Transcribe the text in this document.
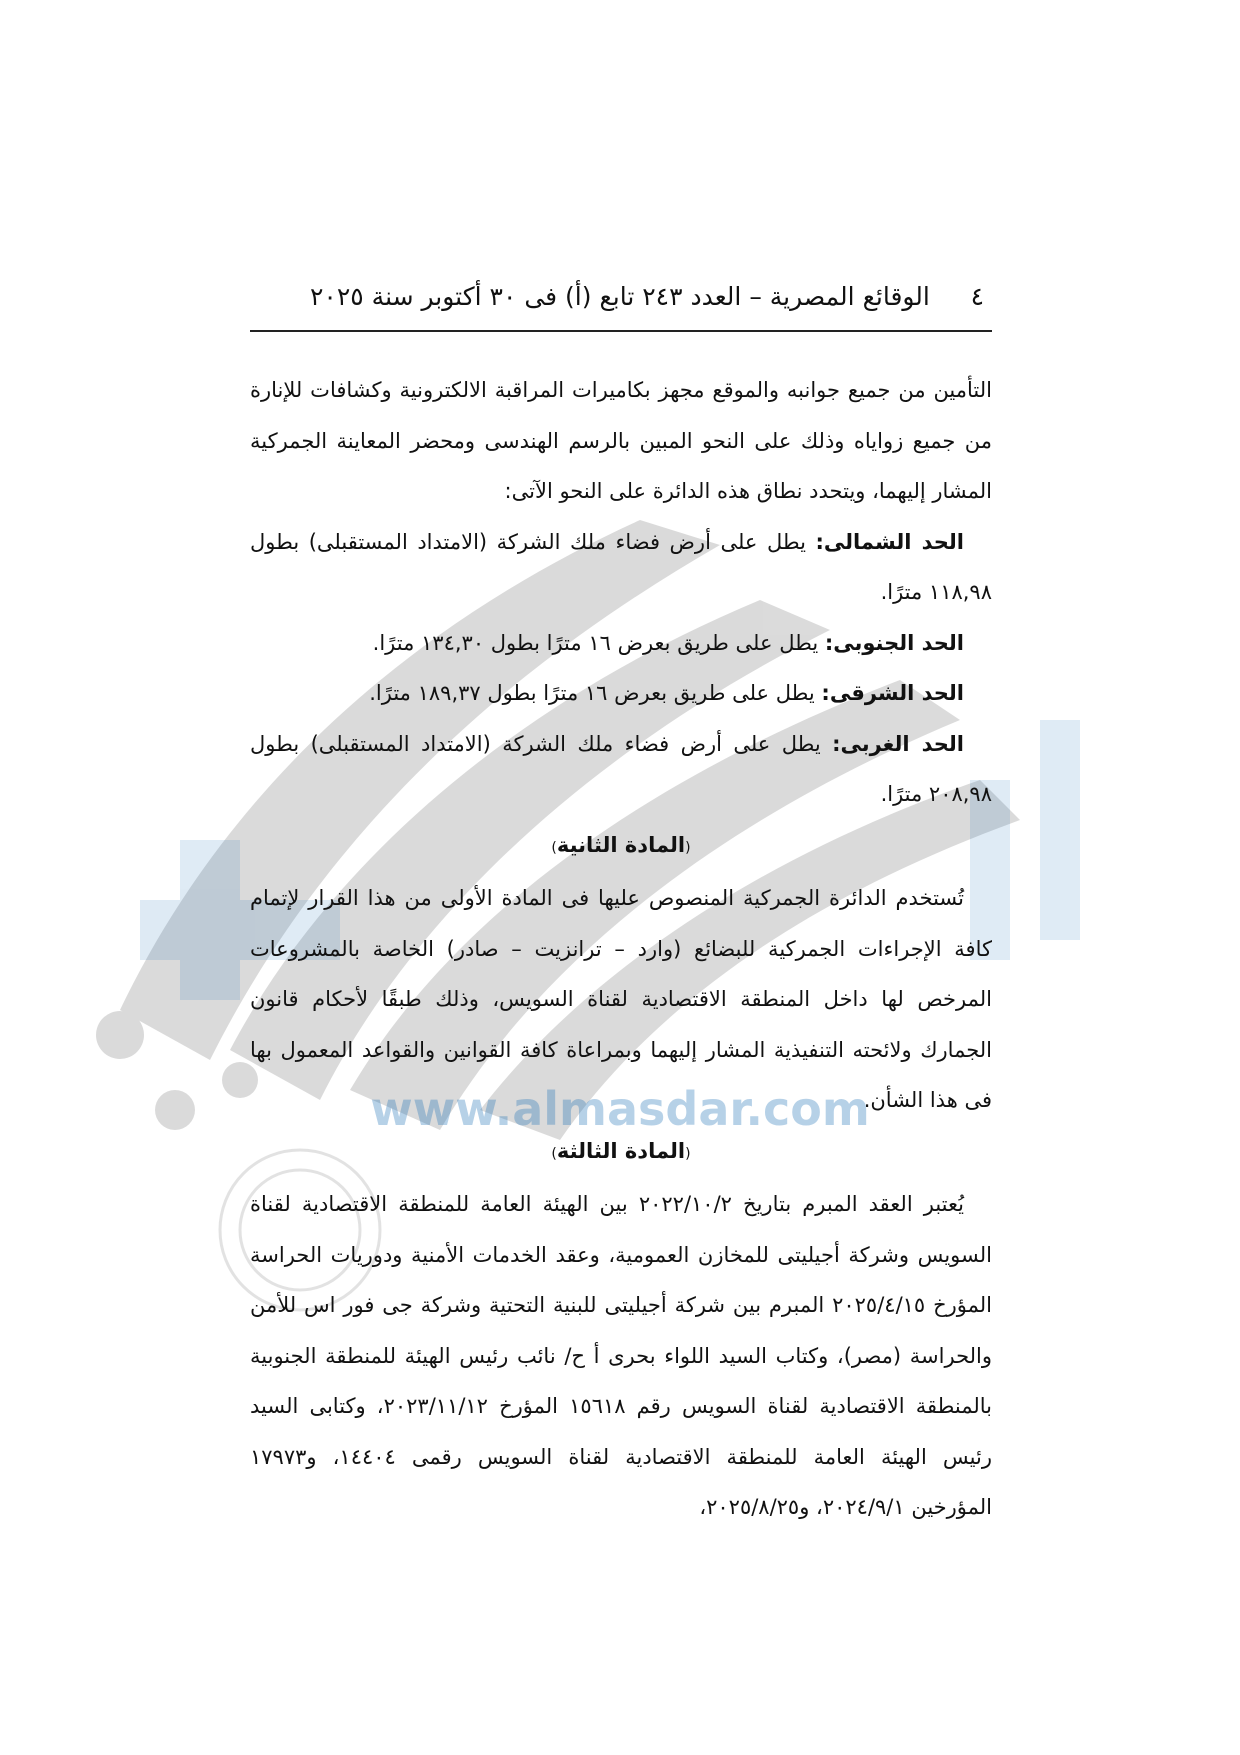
www.almasdar.com
٤
الوقائع المصرية – العدد ٢٤٣ تابع (أ) فى ٣٠ أكتوبر سنة ٢٠٢٥

التأمين من جميع جوانبه والموقع مجهز بكاميرات المراقبة الالكترونية وكشافات للإنارة من جميع زواياه وذلك على النحو المبين بالرسم الهندسى ومحضر المعاينة الجمركية المشار إليهما، ويتحدد نطاق هذه الدائرة على النحو الآتى:

الحد الشمالى: يطل على أرض فضاء ملك الشركة (الامتداد المستقبلى) بطول ١١٨,٩٨ مترًا.

الحد الجنوبى: يطل على طريق بعرض ١٦ مترًا بطول ١٣٤,٣٠ مترًا.

الحد الشرقى: يطل على طريق بعرض ١٦ مترًا بطول ١٨٩,٣٧ مترًا.

الحد الغربى: يطل على أرض فضاء ملك الشركة (الامتداد المستقبلى) بطول ٢٠٨,٩٨ مترًا.

(المادة الثانية)

تُستخدم الدائرة الجمركية المنصوص عليها فى المادة الأولى من هذا القرار لإتمام كافة الإجراءات الجمركية للبضائع (وارد – ترانزيت – صادر) الخاصة بالمشروعات المرخص لها داخل المنطقة الاقتصادية لقناة السويس، وذلك طبقًا لأحكام قانون الجمارك ولائحته التنفيذية المشار إليهما وبمراعاة كافة القوانين والقواعد المعمول بها فى هذا الشأن.

(المادة الثالثة)

يُعتبر العقد المبرم بتاريخ ٢٠٢٢/١٠/٢ بين الهيئة العامة للمنطقة الاقتصادية لقناة السويس وشركة أجيليتى للمخازن العمومية، وعقد الخدمات الأمنية ودوريات الحراسة المؤرخ ٢٠٢٥/٤/١٥ المبرم بين شركة أجيليتى للبنية التحتية وشركة جى فور اس للأمن والحراسة (مصر)، وكتاب السيد اللواء بحرى أ ح/ نائب رئيس الهيئة للمنطقة الجنوبية بالمنطقة الاقتصادية لقناة السويس رقم ١٥٦١٨ المؤرخ ٢٠٢٣/١١/١٢، وكتابى السيد رئيس الهيئة العامة للمنطقة الاقتصادية لقناة السويس رقمى ١٤٤٠٤، و١٧٩٧٣ المؤرخين ٢٠٢٤/٩/١، و٢٠٢٥/٨/٢٥،
